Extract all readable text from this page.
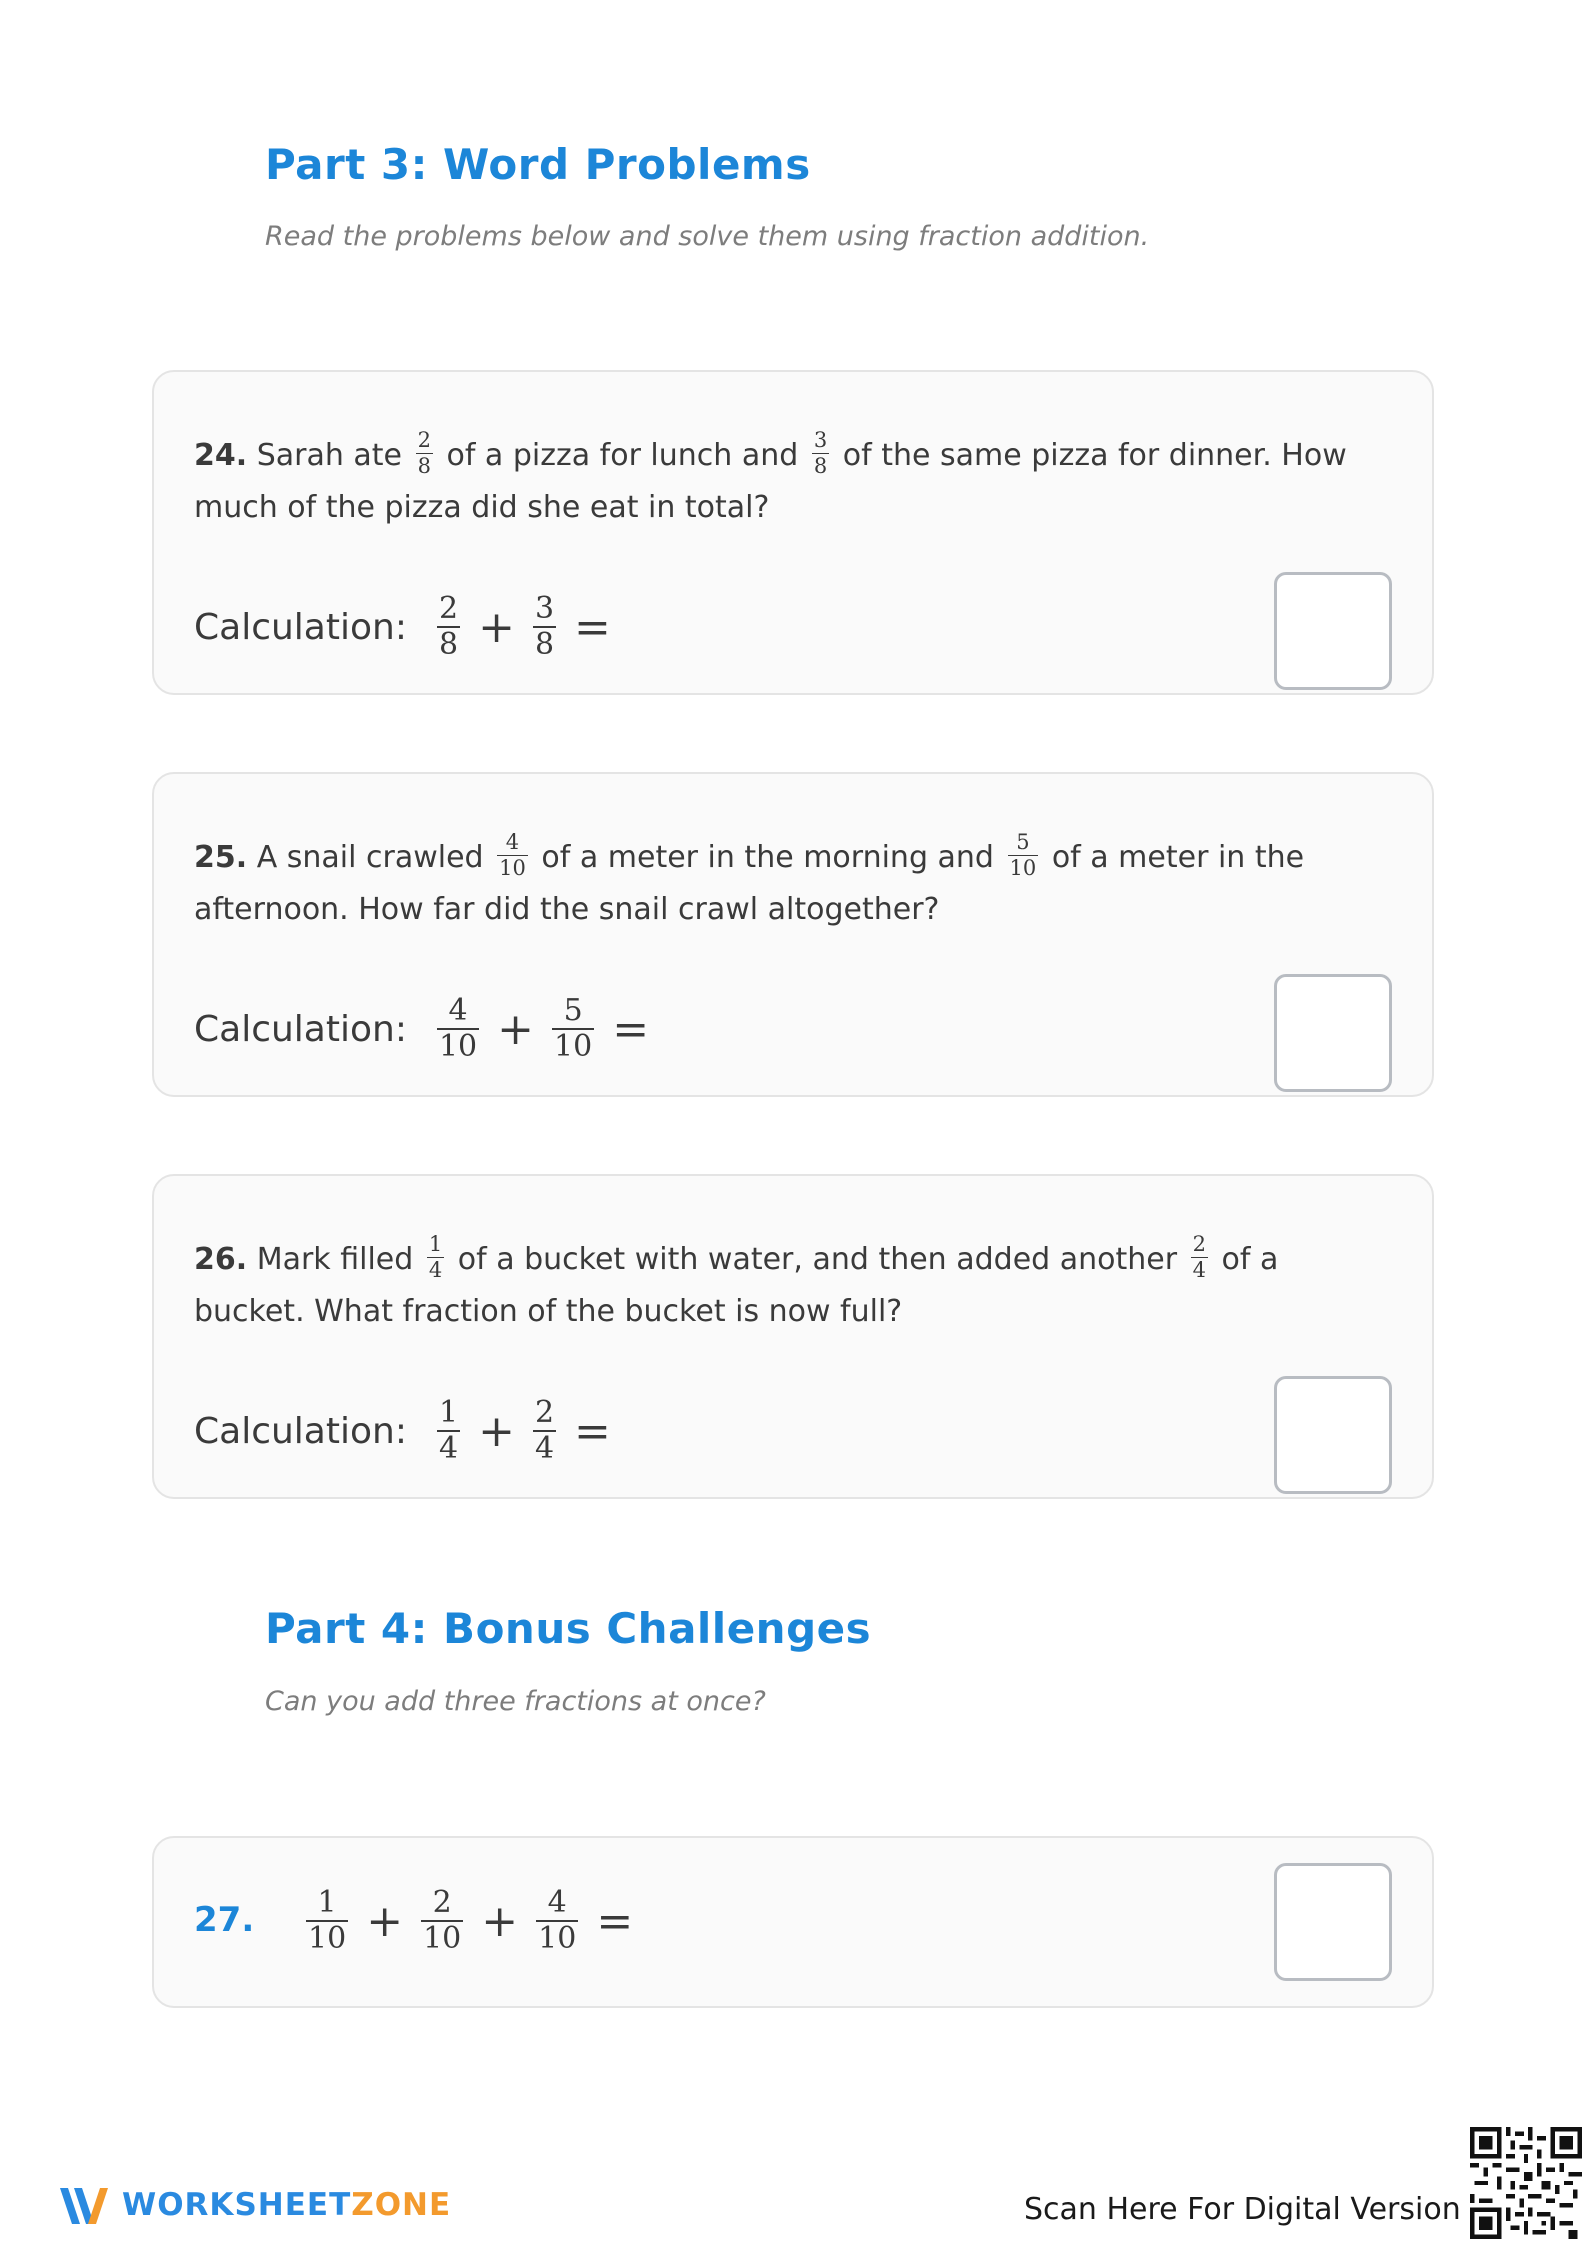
Part 3: Word Problems
Read the problems below and solve them using fraction addition.
24. Sarah ate $\frac{2}{8}$ of a pizza for lunch and $\frac{3}{8}$ of the same pizza for dinner. How much of the pizza did she eat in total?
Calculation: $\frac{2}{8} + \frac{3}{8}$ =
25. A snail crawled $\frac{4}{10}$ of a meter in the morning and $\frac{5}{10}$ of a meter in the afternoon. How far did the snail crawl altogether?
Calculation: $\frac{4}{10} + \frac{5}{10}$ =
26. Mark filled $\frac{1}{4}$ of a bucket with water, and then added another $\frac{2}{4}$ of a bucket. What fraction of the bucket is now full?
Calculation: $\frac{1}{4} + \frac{2}{4}$ =
Part 4: Bonus Challenges
Can you add three fractions at once?
27. $\frac{1}{10} + \frac{2}{10} + \frac{4}{10}$ =
WORKSHEETZONE	Scan Here For Digital Version
